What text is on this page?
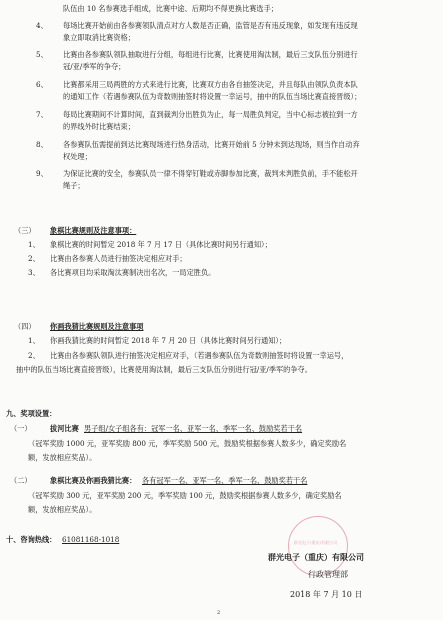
队伍由 10 名参赛选手组成，比赛中途、后期均不得更换比赛选手；
4、 每场比赛开始前由各参赛领队清点对方人数是否正确，监管是否有违反现象，如发现有违反现
象立即取消比赛资格；
5、 比赛由各参赛队领队抽取进行分组，每组进行比赛，比赛使用淘汰制，最后三支队伍分别进行
冠/亚/季军的争夺；
6、 比赛都采用三局两胜的方式来进行比赛，比赛双方由各自抽签决定，并且每队由领队负责本队
的通知工作（若遇参赛队伍为奇数则抽签时将设置一幸运号，抽中的队伍当场比赛直接晋级）；
7、 每局比赛期间不计算时间，直到裁判分出胜负为止，每一局胜负判定，当中心标志被拉到一方
的界线外时比赛结束；
8、 各参赛队伍需提前到达比赛现场进行热身活动，比赛开始前 5 分钟未到达现场，则当作自动弃
权处理；
9、 为保证比赛的安全，参赛队员一律不得穿钉鞋或赤脚参加比赛，裁判未判胜负前，手不能松开
绳子；
（三） 象棋比赛规则及注意事项：
1、 象棋比赛的时间暂定 2018 年 7 月 17 日（具体比赛时间另行通知）；
2、 比赛由各参赛人员进行抽签决定相应对手；
3、 各比赛项目均采取淘汰赛制决出名次，一局定胜负。
（四） 你画我猜比赛规则及注意事项
1、 你画我猜比赛的时间暂定 2018 年 7 月 20 日（具体比赛时间另行通知）；
2、 比赛由各参赛队领队进行抽签决定相应对手，（若遇参赛队伍为奇数则抽签时将设置一幸运号，
抽中的队伍当场比赛直接晋级），比赛使用淘汰制，最后三支队伍分别进行冠/亚/季军的争夺。
九、奖项设置：
（一）	拔河比赛 男子组/女子组各有：冠军一名、亚军一名、季军一名、鼓励奖若干名
（冠军奖励 1000 元，亚军奖励 800 元，季军奖励 500 元，鼓励奖根据参赛人数多少，确定奖励名
额，发放相应奖品）。
（二）	象棋比赛及你画我猜比赛： 各有冠军一名、亚军一名、季军一名、鼓励奖若干名
（冠军奖励 300 元，亚军奖励 200 元，季军奖励 100 元，鼓励奖根据参赛人数多少，确定奖励名
额，发放相应奖品）。
十、咨询热线： 61081168-1018	群光电子(重庆)有限公司
群光电子（重庆）有限公司
行政管理部
2018 年 7 月 10 日
2
